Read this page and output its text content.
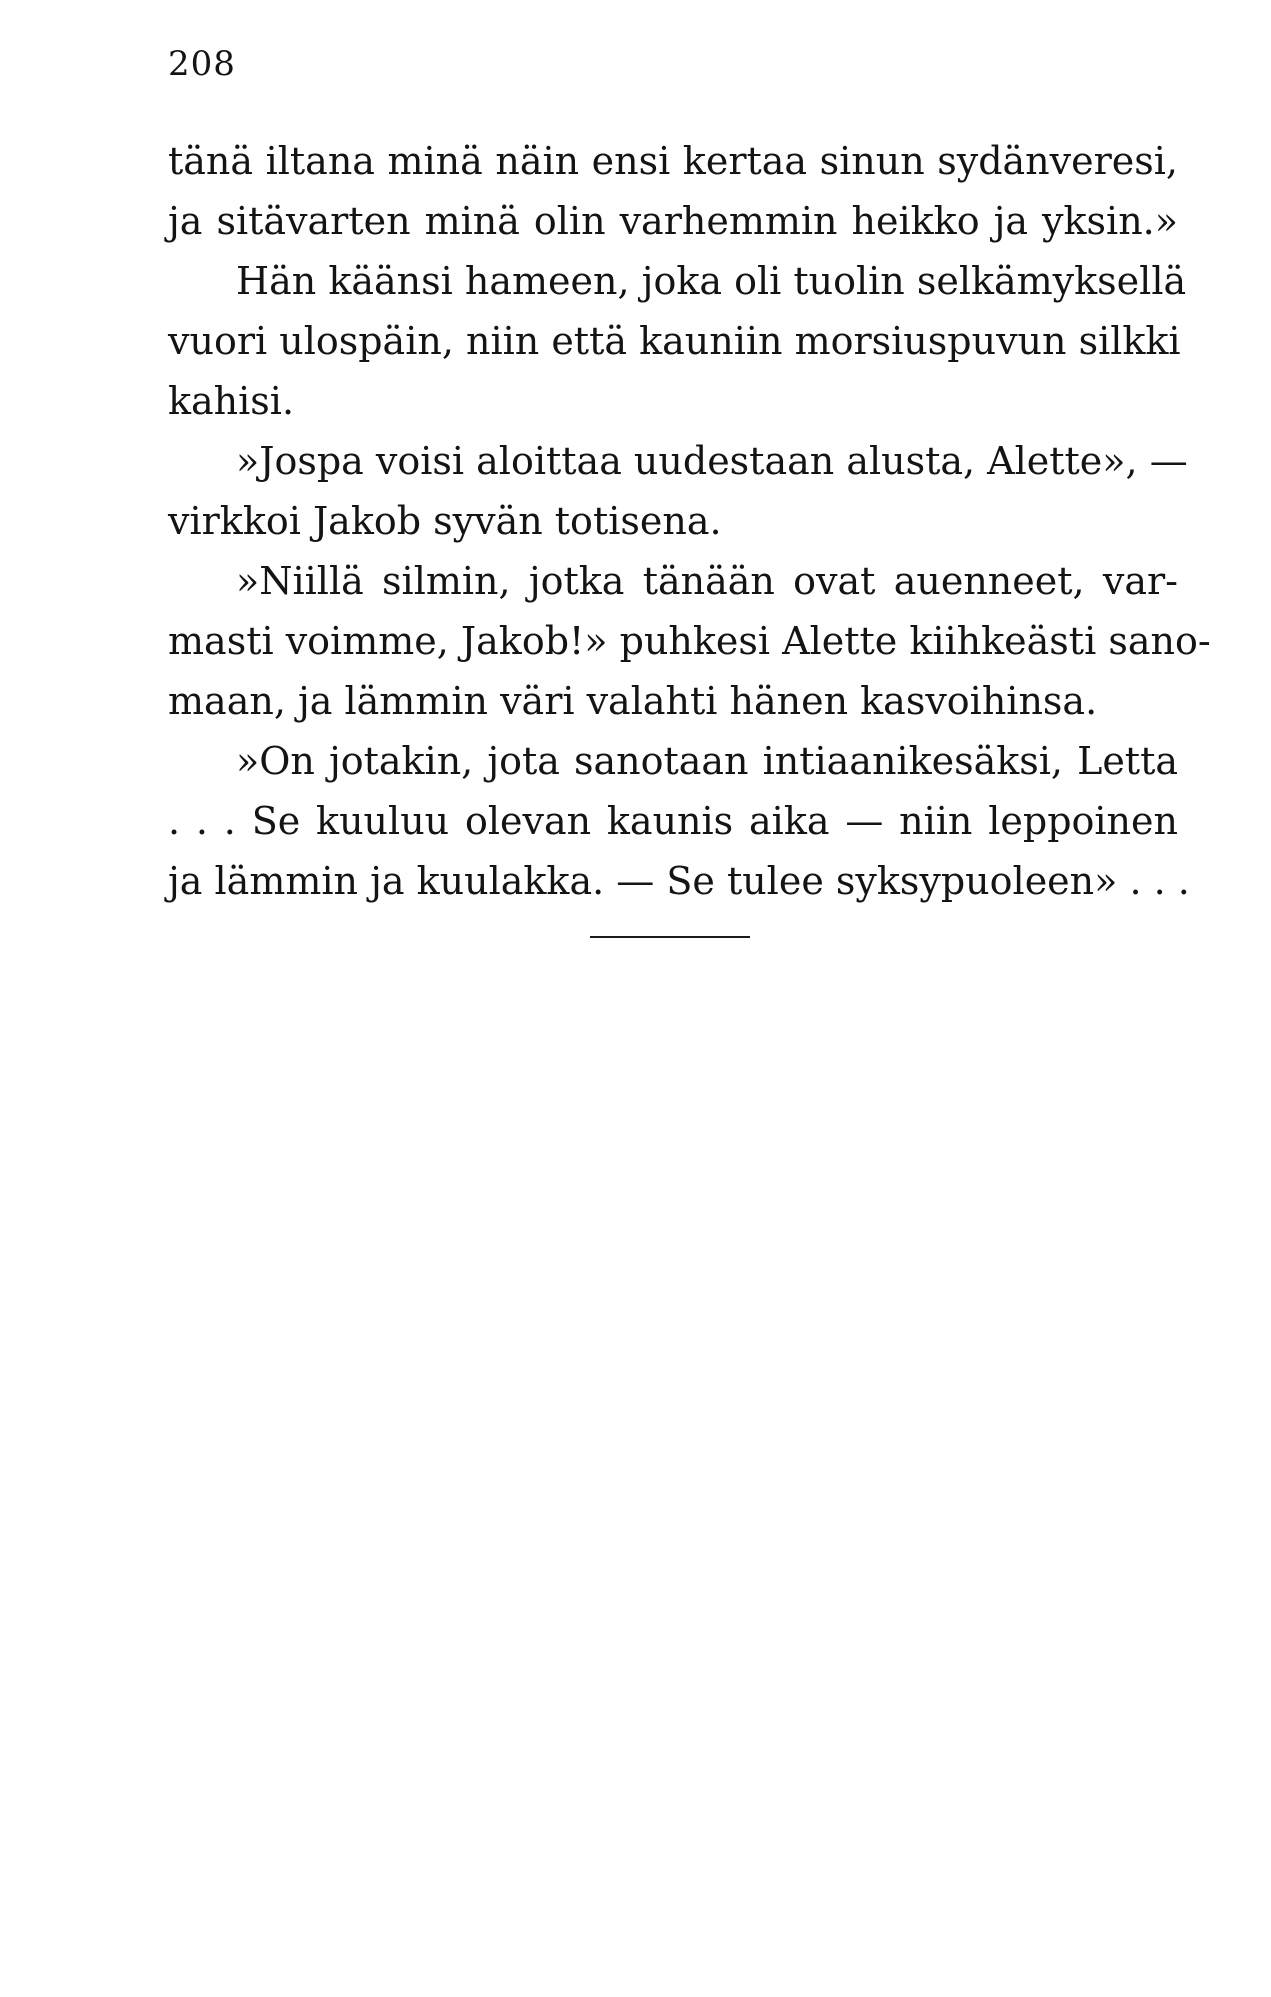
208
tänä iltana minä näin ensi kertaa sinun sydänveresi,
ja sitävarten minä olin varhemmin heikko ja yksin.»
Hän käänsi hameen, joka oli tuolin selkämyksellä
vuori ulospäin, niin että kauniin morsiuspuvun silkki
kahisi.
»Jospa voisi aloittaa uudestaan alusta, Alette», —
virkkoi Jakob syvän totisena.
»Niillä silmin, jotka tänään ovat auenneet, var-
masti voimme, Jakob!» puhkesi Alette kiihkeästi sano-
maan, ja lämmin väri valahti hänen kasvoihinsa.
»On jotakin, jota sanotaan intiaanikesäksi, Letta
. . . Se kuuluu olevan kaunis aika — niin leppoinen
ja lämmin ja kuulakka. — Se tulee syksypuoleen» . . .
